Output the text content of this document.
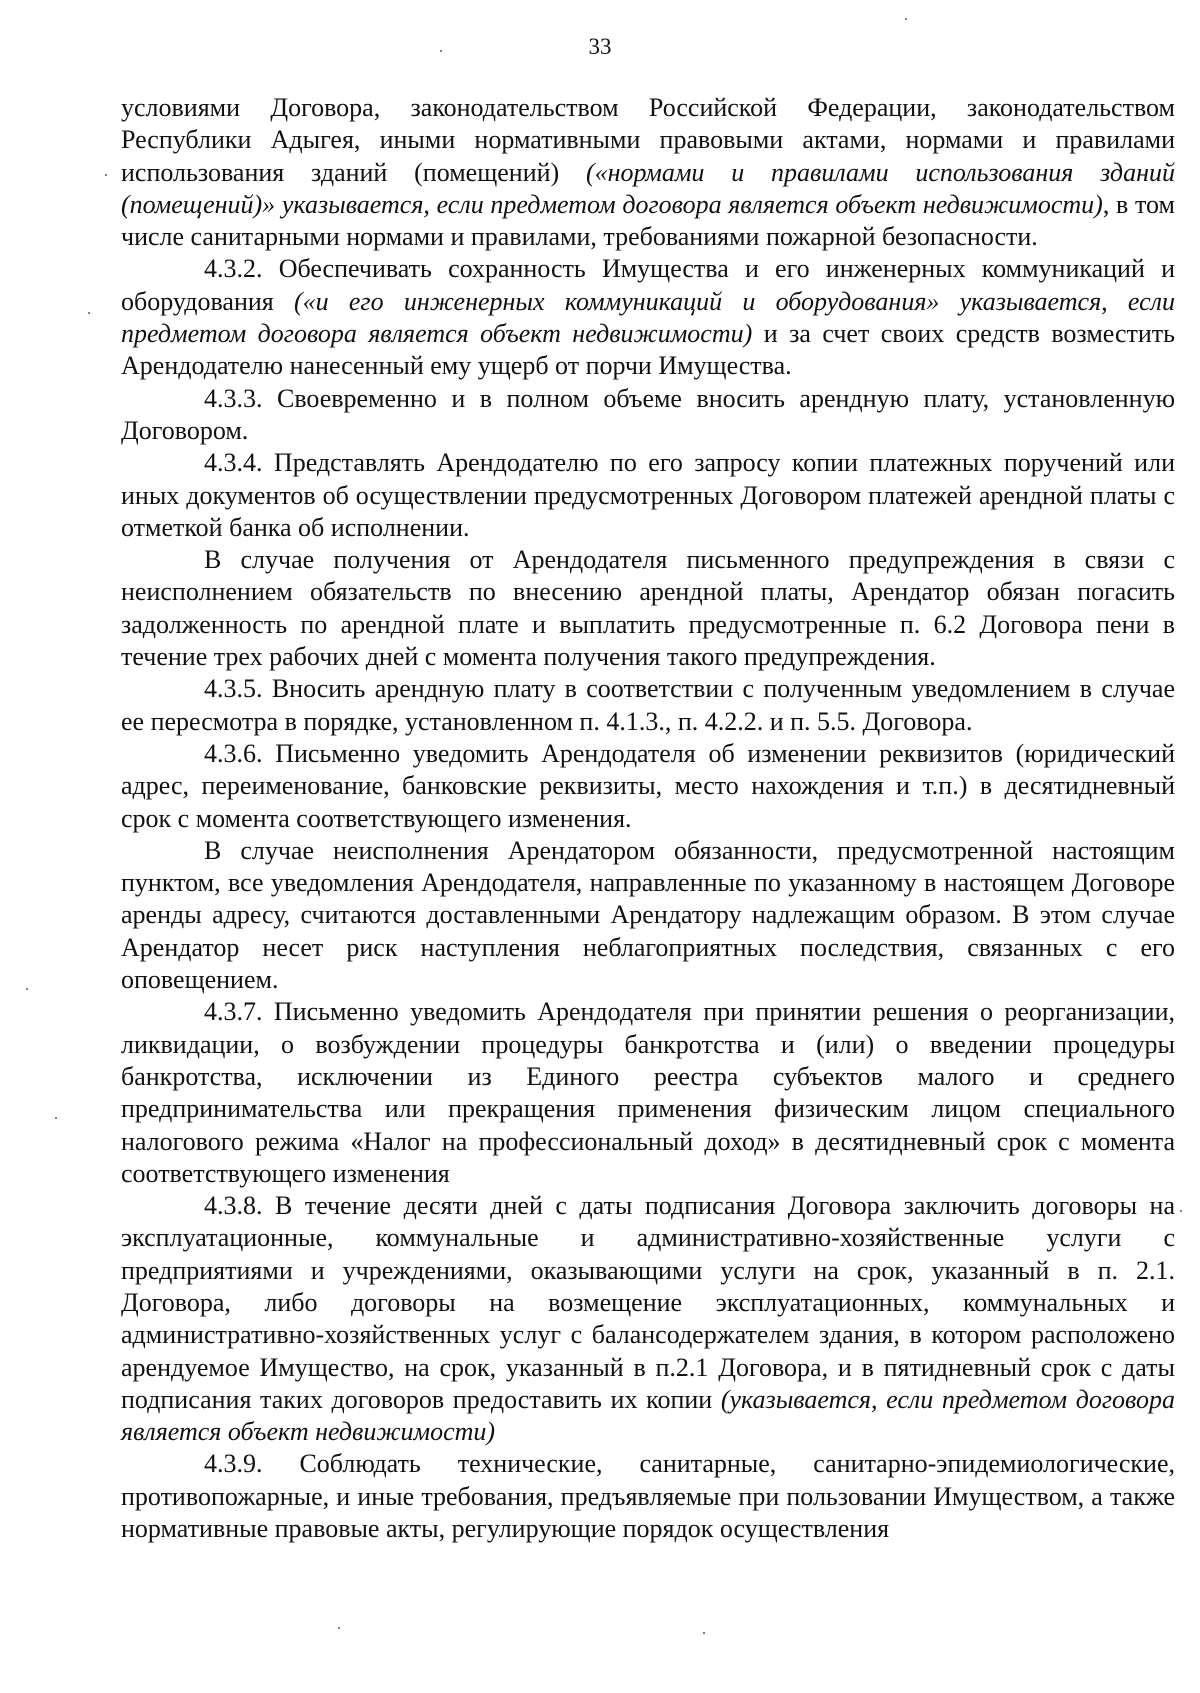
33

условиями Договора, законодательством Российской Федерации, законодательством Республики Адыгея, иными нормативными правовыми актами, нормами и правилами использования зданий (помещений) («нормами и правилами использования зданий (помещений)» указывается, если предметом договора является объект недвижимости), в том числе санитарными нормами и правилами, требованиями пожарной безопасности.

4.3.2. Обеспечивать сохранность Имущества и его инженерных коммуникаций и оборудования («и его инженерных коммуникаций и оборудования» указывается, если предметом договора является объект недвижимости) и за счет своих средств возместить Арендодателю нанесенный ему ущерб от порчи Имущества.

4.3.3. Своевременно и в полном объеме вносить арендную плату, установленную Договором.

4.3.4. Представлять Арендодателю по его запросу копии платежных поручений или иных документов об осуществлении предусмотренных Договором платежей арендной платы с отметкой банка об исполнении.

В случае получения от Арендодателя письменного предупреждения в связи с неисполнением обязательств по внесению арендной платы, Арендатор обязан погасить задолженность по арендной плате и выплатить предусмотренные п. 6.2 Договора пени в течение трех рабочих дней с момента получения такого предупреждения.

4.3.5. Вносить арендную плату в соответствии с полученным уведомлением в случае ее пересмотра в порядке, установленном п. 4.1.3., п. 4.2.2. и п. 5.5. Договора.

4.3.6. Письменно уведомить Арендодателя об изменении реквизитов (юридический адрес, переименование, банковские реквизиты, место нахождения и т.п.) в десятидневный срок с момента соответствующего изменения.

В случае неисполнения Арендатором обязанности, предусмотренной настоящим пунктом, все уведомления Арендодателя, направленные по указанному в настоящем Договоре аренды адресу, считаются доставленными Арендатору надлежащим образом. В этом случае Арендатор несет риск наступления неблагоприятных последствия, связанных с его оповещением.

4.3.7. Письменно уведомить Арендодателя при принятии решения о реорганизации, ликвидации, о возбуждении процедуры банкротства и (или) о введении процедуры банкротства, исключении из Единого реестра субъектов малого и среднего предпринимательства или прекращения применения физическим лицом специального налогового режима «Налог на профессиональный доход» в десятидневный срок с момента соответствующего изменения

4.3.8. В течение десяти дней с даты подписания Договора заключить договоры на эксплуатационные, коммунальные и административно-хозяйственные услуги с предприятиями и учреждениями, оказывающими услуги на срок, указанный в п. 2.1. Договора, либо договоры на возмещение эксплуатационных, коммунальных и административно-хозяйственных услуг с балансодержателем здания, в котором расположено арендуемое Имущество, на срок, указанный в п.2.1 Договора, и в пятидневный срок с даты подписания таких договоров предоставить их копии (указывается, если предметом договора является объект недвижимости)

4.3.9. Соблюдать технические, санитарные, санитарно-эпидемиологические, противопожарные, и иные требования, предъявляемые при пользовании Имуществом, а также нормативные правовые акты, регулирующие порядок осуществления
